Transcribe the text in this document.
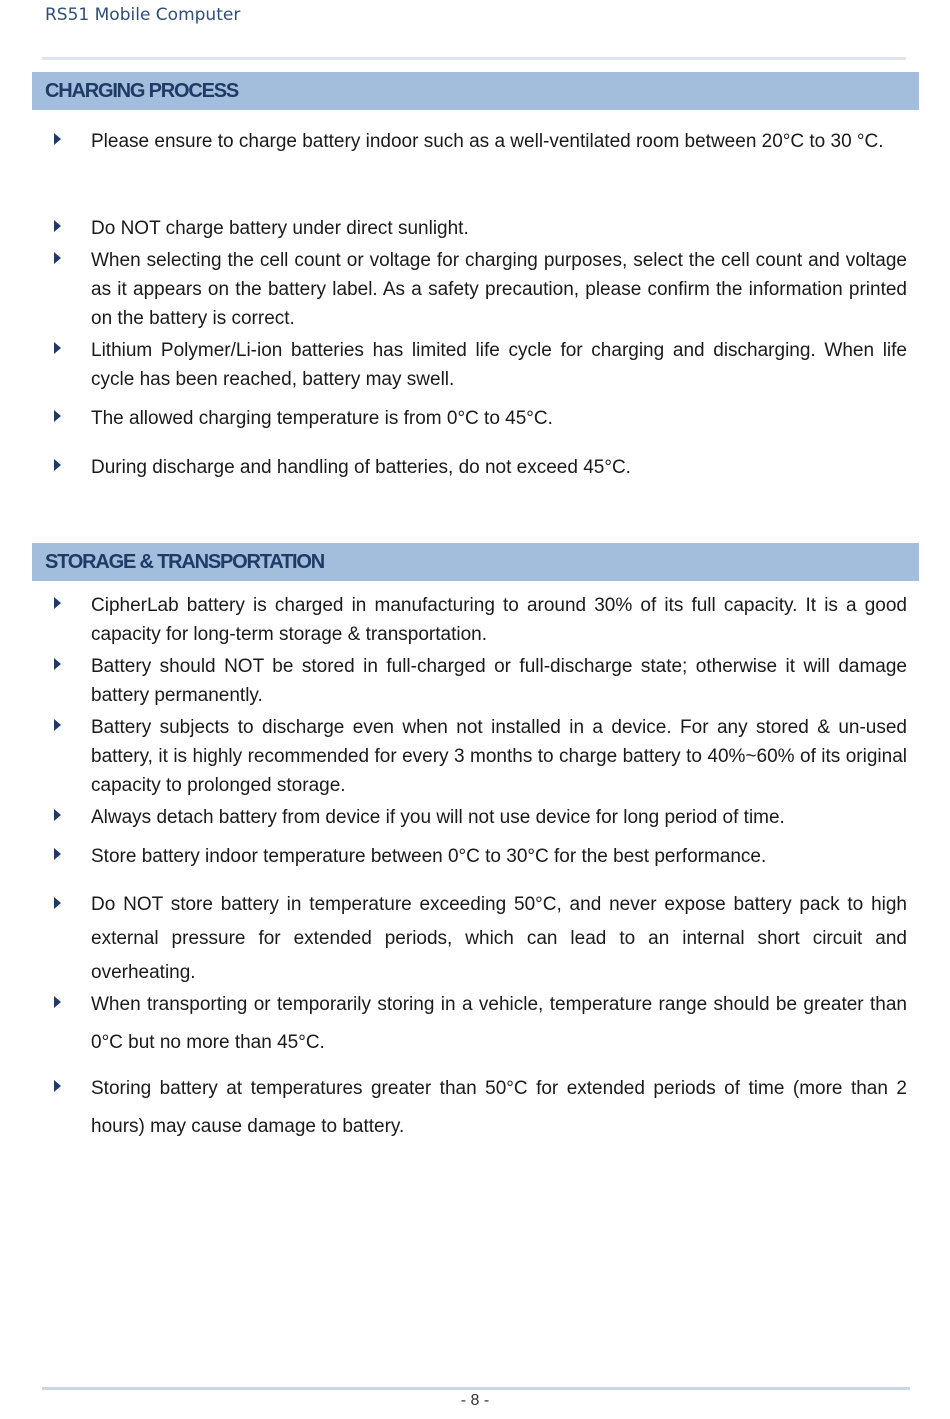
RS51 Mobile Computer
CHARGING PROCESS
Please ensure to charge battery indoor such as a well-ventilated room between 20°C to 30 °C.
Do NOT charge battery under direct sunlight.
When selecting the cell count or voltage for charging purposes, select the cell count and voltage as it appears on the battery label. As a safety precaution, please confirm the information printed on the battery is correct.
Lithium Polymer/Li-ion batteries has limited life cycle for charging and discharging. When life cycle has been reached, battery may swell.
The allowed charging temperature is from 0°C to 45°C.
During discharge and handling of batteries, do not exceed 45°C.
STORAGE & TRANSPORTATION
CipherLab battery is charged in manufacturing to around 30% of its full capacity. It is a good capacity for long-term storage & transportation.
Battery should NOT be stored in full-charged or full-discharge state; otherwise it will damage battery permanently.
Battery subjects to discharge even when not installed in a device. For any stored & un-used battery, it is highly recommended for every 3 months to charge battery to 40%~60% of its original capacity to prolonged storage.
Always detach battery from device if you will not use device for long period of time.
Store battery indoor temperature between 0°C to 30°C for the best performance.
Do NOT store battery in temperature exceeding 50°C, and never expose battery pack to high external pressure for extended periods, which can lead to an internal short circuit and overheating.
When transporting or temporarily storing in a vehicle, temperature range should be greater than 0°C but no more than 45°C.
Storing battery at temperatures greater than 50°C for extended periods of time (more than 2 hours) may cause damage to battery.
- 8 -
